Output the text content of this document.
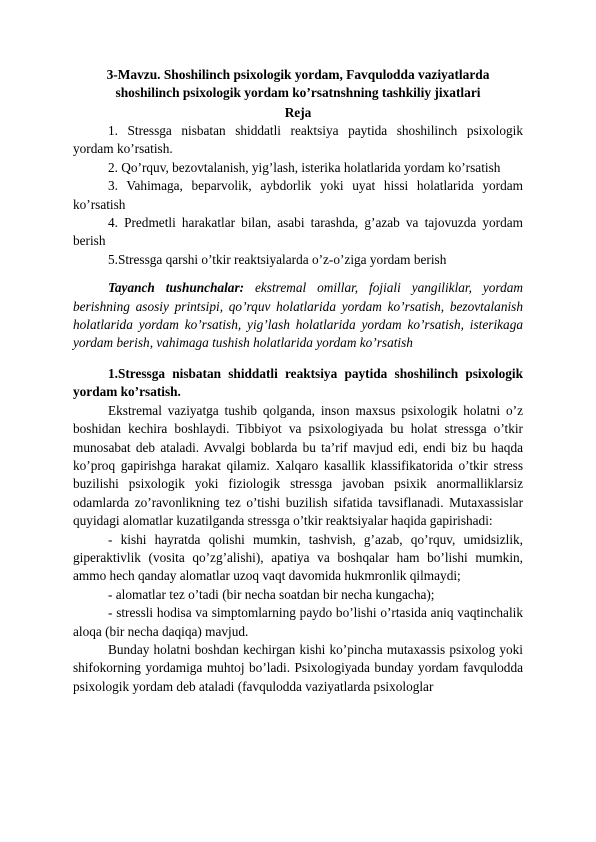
3-Mavzu. Shoshilinch psixologik yordam, Favqulodda vaziyatlarda
shoshilinch psixologik yordam ko’rsatnshning tashkiliy jixatlari
Reja

1. Stressga nisbatan shiddatli reaktsiya paytida shoshilinch psixologik yordam ko’rsatish.

2. Qo’rquv, bezovtalanish, yig’lash, isterika holatlarida yordam ko’rsatish

3. Vahimaga, beparvolik, aybdorlik yoki uyat hissi holatlarida yordam ko’rsatish

4. Predmetli harakatlar bilan, asabi tarashda, g’azab va tajovuzda yordam berish

5.Stressga qarshi o’tkir reaktsiyalarda o’z-o’ziga yordam berish

Tayanch tushunchalar: ekstremal omillar, fojiali yangiliklar, yordam berishning asosiy printsipi, qo’rquv holatlarida yordam ko’rsatish, bezovtalanish holatlarida yordam ko’rsatish, yig’lash holatlarida yordam ko’rsatish, isterikaga yordam berish, vahimaga tushish holatlarida yordam ko’rsatish

1.Stressga nisbatan shiddatli reaktsiya paytida shoshilinch psixologik yordam ko’rsatish.

Ekstremal vaziyatga tushib qolganda, inson maxsus psixologik holatni o’z boshidan kechira boshlaydi. Tibbiyot va psixologiyada bu holat stressga o’tkir munosabat deb ataladi. Avvalgi boblarda bu ta’rif mavjud edi, endi biz bu haqda ko’proq gapirishga harakat qilamiz. Xalqaro kasallik klassifikatorida o’tkir stress buzilishi psixologik yoki fiziologik stressga javoban psixik anormalliklarsiz odamlarda zo’ravonlikning tez o’tishi buzilish sifatida tavsiflanadi. Mutaxassislar quyidagi alomatlar kuzatilganda stressga o’tkir reaktsiyalar haqida gapirishadi:

- kishi hayratda qolishi mumkin, tashvish, g’azab, qo’rquv, umidsizlik, giperaktivlik (vosita qo’zg’alishi), apatiya va boshqalar ham bo’lishi mumkin, ammo hech qanday alomatlar uzoq vaqt davomida hukmronlik qilmaydi;

- alomatlar tez o’tadi (bir necha soatdan bir necha kungacha);

- stressli hodisa va simptomlarning paydo bo’lishi o’rtasida aniq vaqtinchalik aloqa (bir necha daqiqa) mavjud.

Bunday holatni boshdan kechirgan kishi ko’pincha mutaxassis psixolog yoki shifokorning yordamiga muhtoj bo’ladi. Psixologiyada bunday yordam favqulodda psixologik yordam deb ataladi (favqulodda vaziyatlarda psixologlar
